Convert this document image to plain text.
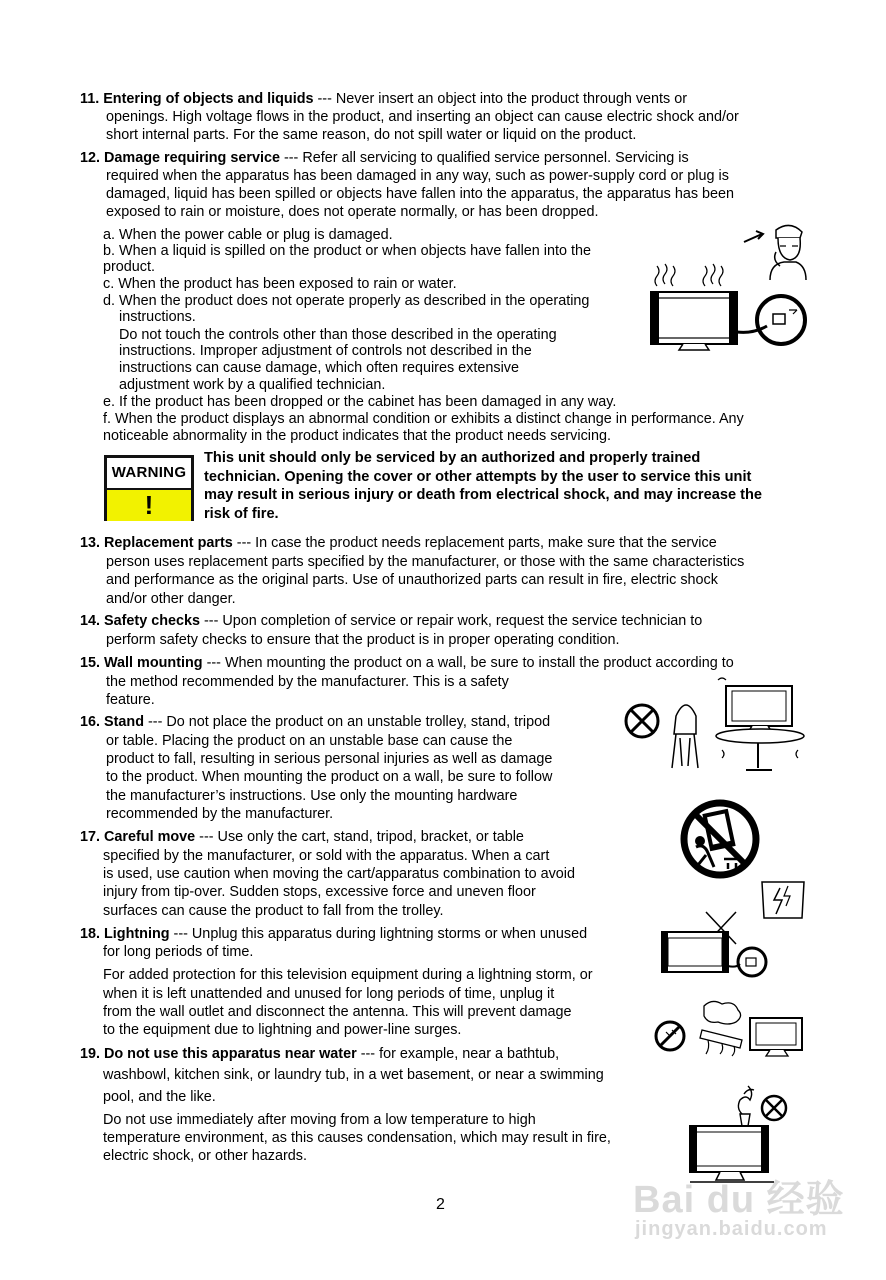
11. Entering of objects and liquids --- Never insert an object into the product through vents or
openings. High voltage flows in the product, and inserting an object can cause electric shock and/or
short internal parts. For the same reason, do not spill water or liquid on the product.
12. Damage requiring service --- Refer all servicing to qualified service personnel. Servicing is
required when the apparatus has been damaged in any way, such as power-supply cord or plug is
damaged, liquid has been spilled or objects have fallen into the apparatus, the apparatus has been
exposed to rain or moisture, does not operate normally, or has been dropped.
a. When the power cable or plug is damaged.
b. When a liquid is spilled on the product or when objects have fallen into the
product.
c. When the product has been exposed to rain or water.
d. When the product does not operate properly as described in the operating
instructions.
Do not touch the controls other than those described in the operating
instructions. Improper adjustment of controls not described in the
instructions can cause damage, which often requires extensive
adjustment work by a qualified technician.
e. If the product has been dropped or the cabinet has been damaged in any way.
f. When the product displays an abnormal condition or exhibits a distinct change in performance. Any
noticeable abnormality in the product indicates that the product needs servicing.
WARNING
!
This unit should only be serviced by an authorized and properly trained
technician. Opening the cover or other attempts by the user to service this unit
may result in serious injury or death from electrical shock, and may increase the
risk of fire.
13. Replacement parts --- In case the product needs replacement parts, make sure that the service
person uses replacement parts specified by the manufacturer, or those with the same characteristics
and performance as the original parts. Use of unauthorized parts can result in fire, electric shock
and/or other danger.
14. Safety checks --- Upon completion of service or repair work, request the service technician to
perform safety checks to ensure that the product is in proper operating condition.
15. Wall mounting --- When mounting the product on a wall, be sure to install the product according to
the method recommended by the manufacturer. This is a safety
feature.
16. Stand --- Do not place the product on an unstable trolley, stand, tripod
or table. Placing the product on an unstable base can cause the
product to fall, resulting in serious personal injuries as well as damage
to the product. When mounting the product on a wall, be sure to follow
the manufacturer’s instructions. Use only the mounting hardware
recommended by the manufacturer.
17. Careful move --- Use only the cart, stand, tripod, bracket, or table
specified by the manufacturer, or sold with the apparatus. When a cart
is used, use caution when moving the cart/apparatus combination to avoid
injury from tip-over. Sudden stops, excessive force and uneven floor
surfaces can cause the product to fall from the trolley.
18. Lightning --- Unplug this apparatus during lightning storms or when unused
for long periods of time.
For added protection for this television equipment during a lightning storm, or
when it is left unattended and unused for long periods of time, unplug it
from the wall outlet and disconnect the antenna. This will prevent damage
to the equipment due to lightning and power-line surges.
19. Do not use this apparatus near water --- for example, near a bathtub,
washbowl, kitchen sink, or laundry tub, in a wet basement, or near a swimming
pool, and the like.
Do not use immediately after moving from a low temperature to high
temperature environment, as this causes condensation, which may result in fire,
electric shock, or other hazards.
2	Bai du 经验
jingyan.baidu.com
